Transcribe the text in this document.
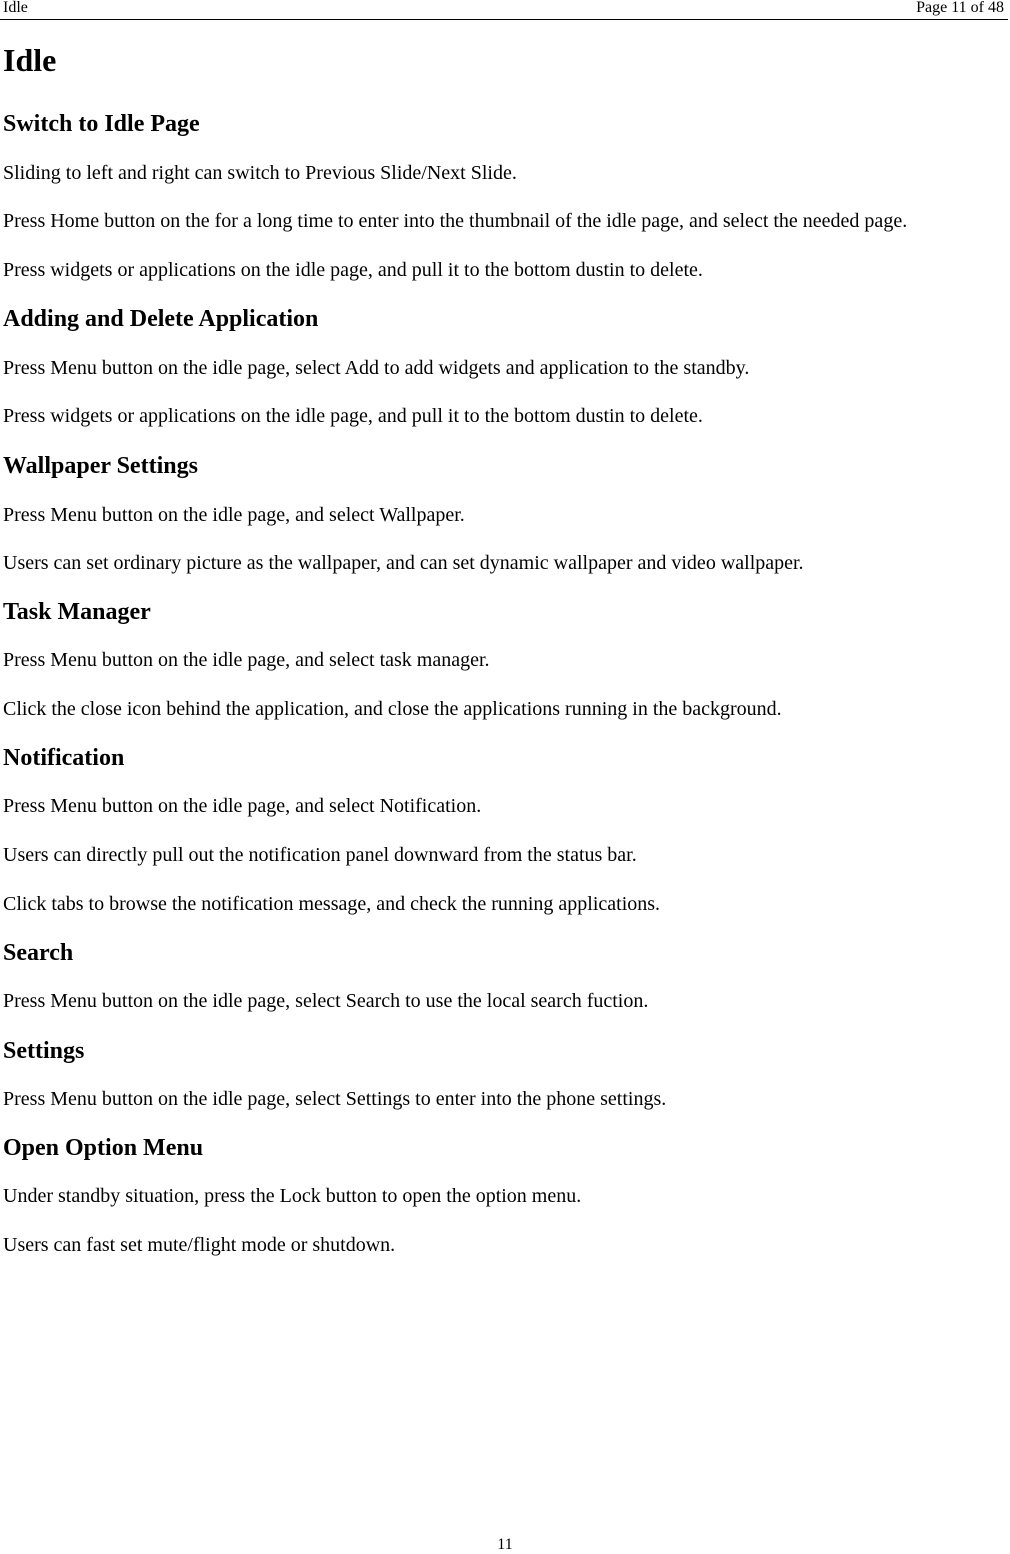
Idle	Page 11 of 48
Idle
Switch to Idle Page

Sliding to left and right can switch to Previous Slide/Next Slide.

Press Home button on the for a long time to enter into the thumbnail of the idle page, and select the needed page.

Press widgets or applications on the idle page, and pull it to the bottom dustin to delete.

Adding and Delete Application

Press Menu button on the idle page, select Add to add widgets and application to the standby.

Press widgets or applications on the idle page, and pull it to the bottom dustin to delete.

Wallpaper Settings

Press Menu button on the idle page, and select Wallpaper.

Users can set ordinary picture as the wallpaper, and can set dynamic wallpaper and video wallpaper.

Task Manager

Press Menu button on the idle page, and select task manager.

Click the close icon behind the application, and close the applications running in the background.

Notification

Press Menu button on the idle page, and select Notification.

Users can directly pull out the notification panel downward from the status bar.

Click tabs to browse the notification message, and check the running applications.

Search

Press Menu button on the idle page, select Search to use the local search fuction.

Settings

Press Menu button on the idle page, select Settings to enter into the phone settings.

Open Option Menu

Under standby situation, press the Lock button to open the option menu.

Users can fast set mute/flight mode or shutdown.

11
